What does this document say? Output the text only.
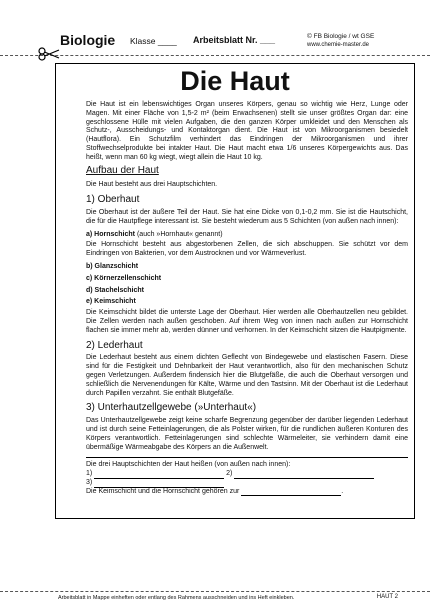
Biologie Klasse ____ Arbeitsblatt Nr. ___	© FB Biologie / wt GSE
www.chemie-master.de
Die Haut

Die Haut ist ein lebenswichtiges Organ unseres Körpers, genau so wichtig wie Herz, Lunge oder Magen. Mit einer Fläche von 1,5-2 m² (beim Erwachsenen) stellt sie unser größtes Organ dar: eine geschlossene Hülle mit vielen Aufgaben, die den ganzen Körper umkleidet und den Menschen als Schutz-, Ausscheidungs- und Kontaktorgan dient. Die Haut ist von Mikroorganismen besiedelt (Hautflora). Ein Schutzfilm verhindert das Eindringen der Mikroorganismen und ihrer Stoffwechselprodukte bei intakter Haut. Die Haut macht etwa 1/6 unseres Körpergewichts aus. Das heißt, wenn man 60 kg wiegt, wiegt allein die Haut 10 kg.

Aufbau der Haut

Die Haut besteht aus drei Hauptschichten.

1) Oberhaut

Die Oberhaut ist der äußere Teil der Haut. Sie hat eine Dicke von 0,1-0,2 mm. Sie ist die Hautschicht, die für die Hautpflege interessant ist. Sie besteht wiederum aus 5 Schichten (von außen nach innen):

a) Hornschicht (auch »Hornhaut« genannt)

Die Hornschicht besteht aus abgestorbenen Zellen, die sich abschuppen. Sie schützt vor dem Eindringen von Bakterien, vor dem Austrocknen und vor Wärmeverlust.

b) Glanzschicht
c) Körnerzellenschicht
d) Stachelschicht
e) Keimschicht

Die Keimschicht bildet die unterste Lage der Oberhaut. Hier werden alle Oberhautzellen neu gebildet. Die Zellen werden nach außen geschoben. Auf ihrem Weg von innen nach außen zur Hornschicht flachen sie immer mehr ab, werden dünner und verhornen. In der Keimschicht sitzen die Hautpigmente.

2) Lederhaut

Die Lederhaut besteht aus einem dichten Geflecht von Bindegewebe und elastischen Fasern. Diese sind für die Festigkeit und Dehnbarkeit der Haut verantwortlich, also für den mechanischen Schutz gegen Verletzungen. Außerdem findensich hier die Blutgefäße, die auch die Oberhaut versorgen und schließlich die Nervenendungen für Kälte, Wärme und den Tastsinn. Mit der Oberhaut ist die Lederhaut durch Papillen verzahnt. Sie enthält Blutgefäße.

3) Unterhautzellgewebe (»Unterhaut«)

Das Unterhautzellgewebe zeigt keine scharfe Begrenzung gegenüber der darüber liegenden Lederhaut und ist durch seine Fetteinlagerungen, die als Polster wirken, für die rundlichen äußeren Konturen des Körpers verantwortlich. Fetteinlagerungen sind schlechte Wärmeleiter, sie verhindern damit eine übermäßige Wärmeabgabe des Körpers an die Außenwelt.

Die drei Hauptschichten der Haut heißen (von außen nach innen):
1)	2)
3)
Die Keimschicht und die Hornschicht gehören zur	.
Arbeitsblatt in Mappe einheften oder entlang des Rahmens ausschneiden und ins Heft einkleben.	HAUT 2
